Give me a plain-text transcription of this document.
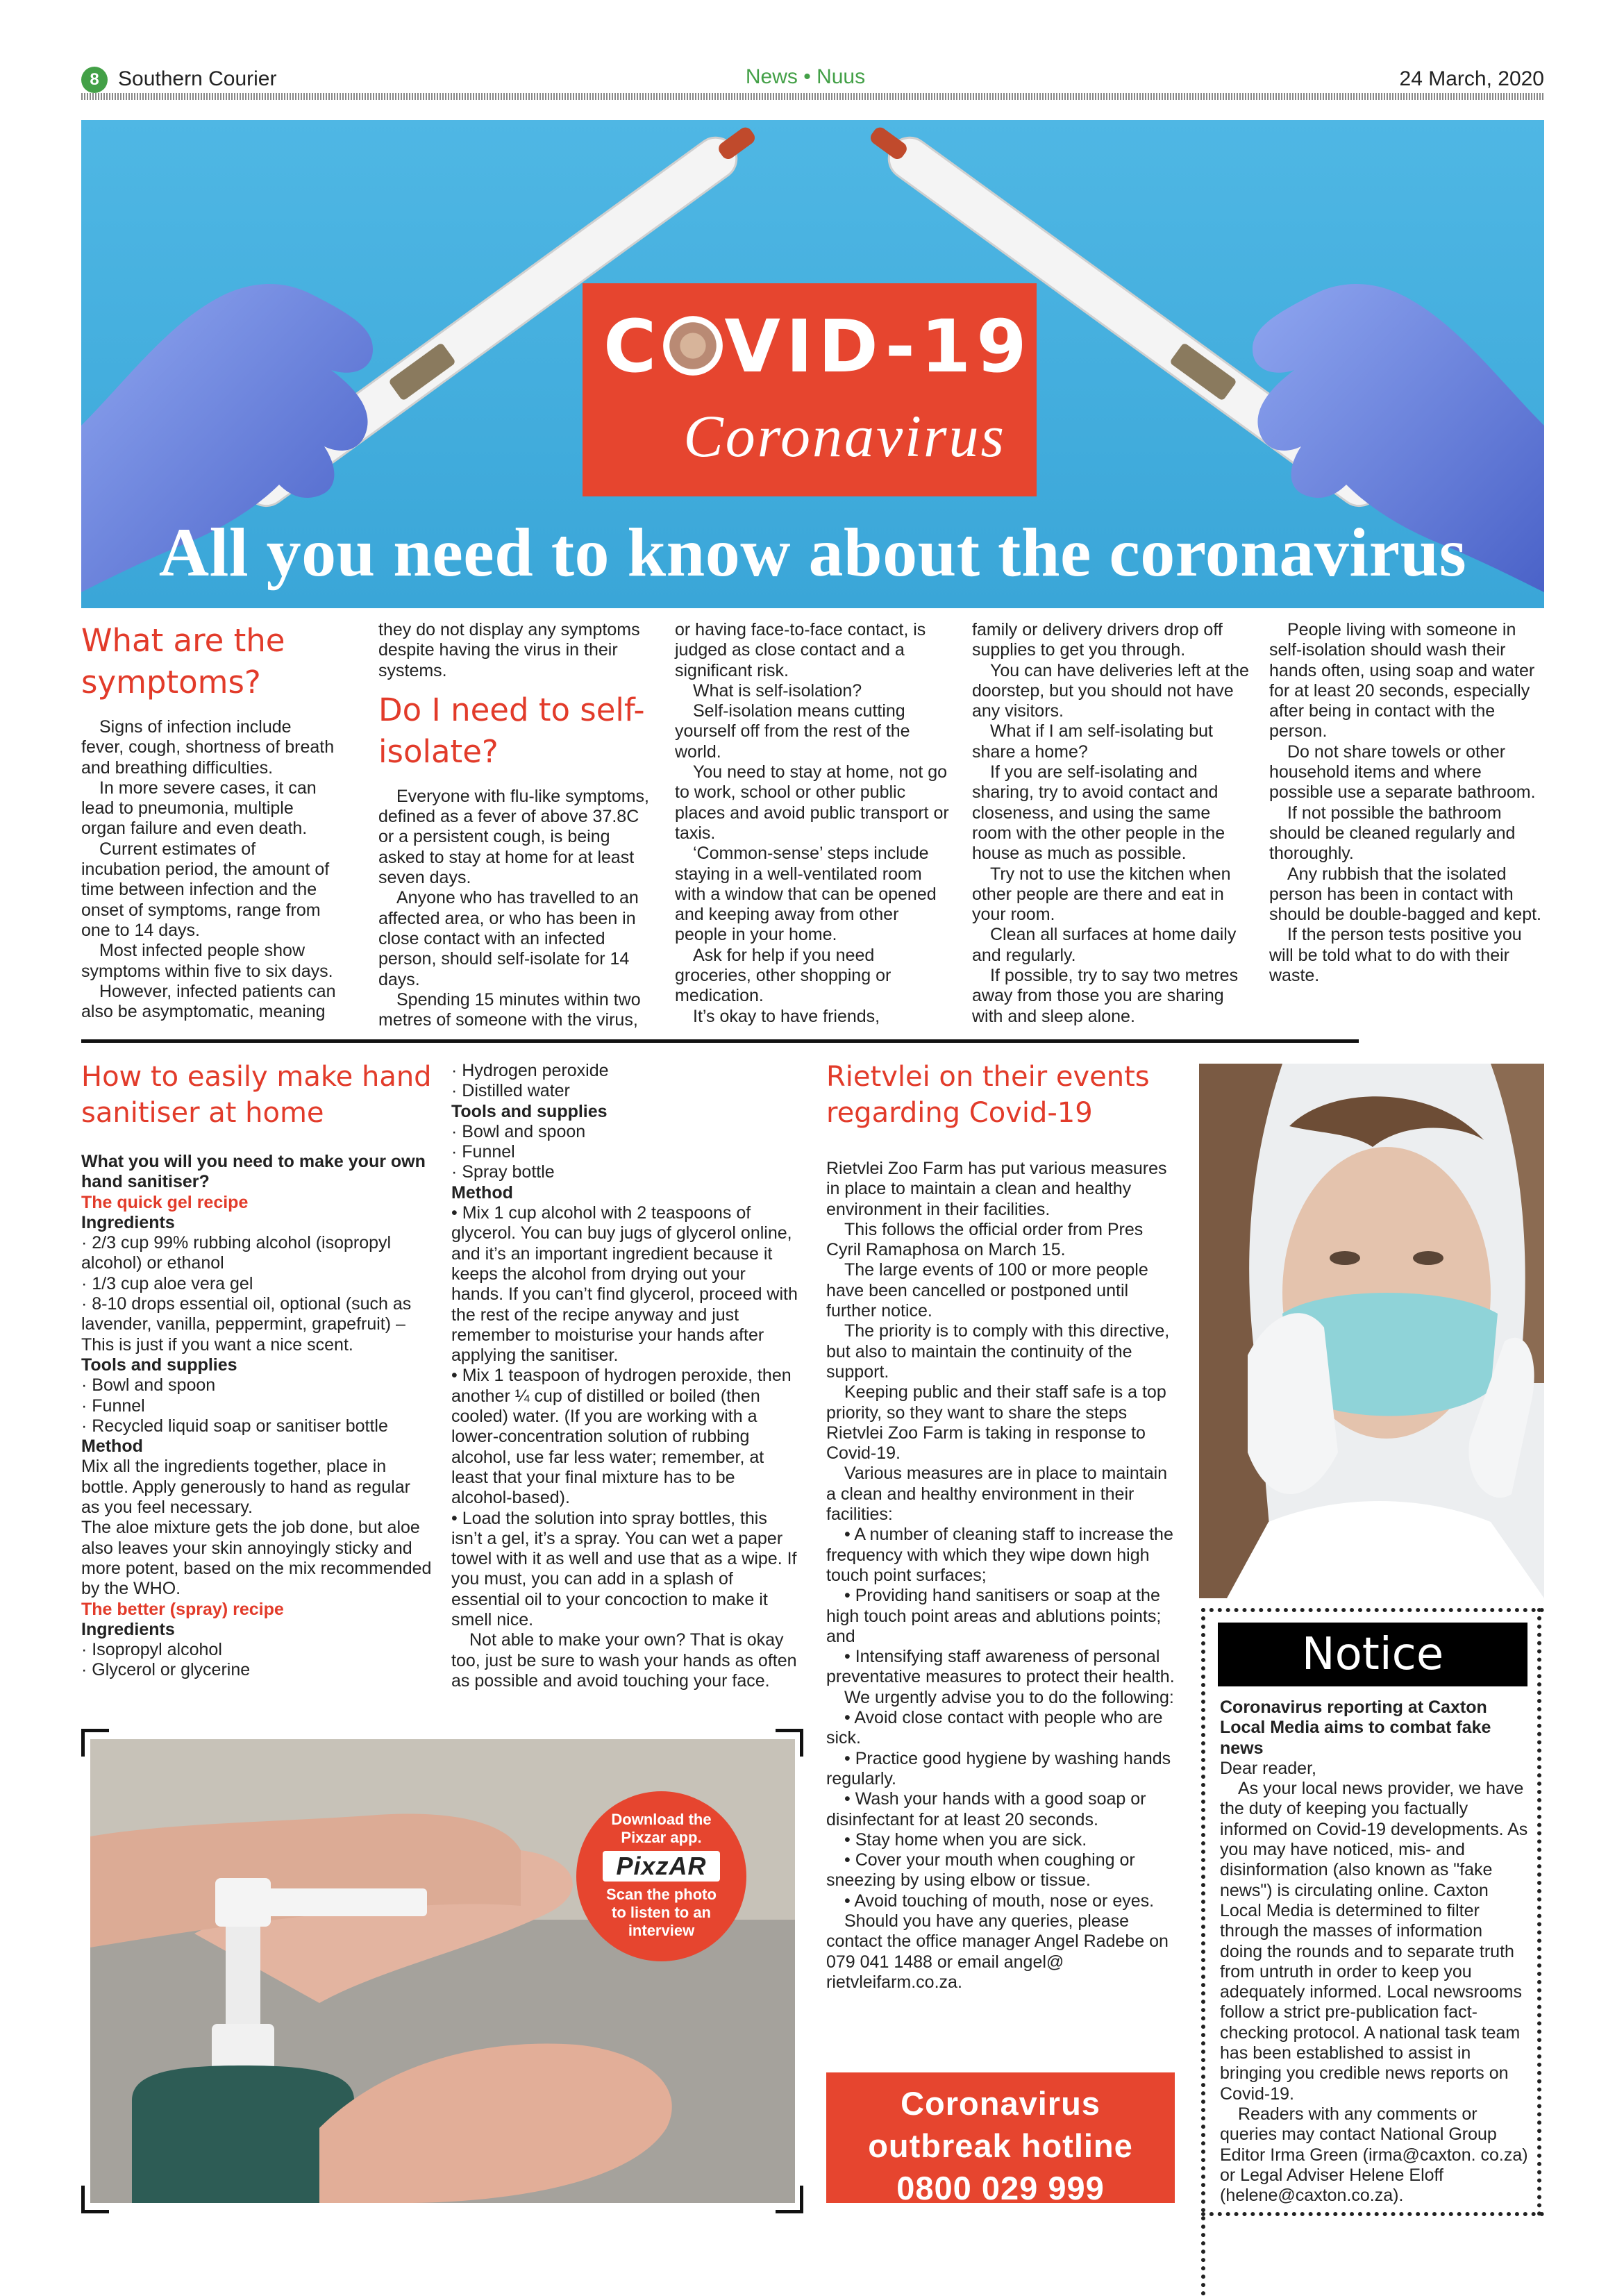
8 Southern Courier	News • Nuus	24 March, 2020
C VID-19
Coronavirus
All you need to know about the coronavirus
What are the symptoms?

Signs of infection include fever, cough, shortness of breath and breathing difficulties.

In more severe cases, it can lead to pneumonia, multiple organ failure and even death.

Current estimates of incubation period, the amount of time between infection and the onset of symptoms, range from one to 14 days.

Most infected people show symptoms within five to six days.

However, infected patients can also be asymptomatic, meaning

they do not display any symptoms despite having the virus in their systems.

Do I need to self-isolate?

Everyone with flu-like symptoms, defined as a fever of above 37.8C or a persistent cough, is being asked to stay at home for at least seven days.

Anyone who has travelled to an affected area, or who has been in close contact with an infected person, should self-isolate for 14 days.

Spending 15 minutes within two metres of someone with the virus,

or having face-to-face contact, is judged as close contact and a significant risk.

What is self-isolation?

Self-isolation means cutting yourself off from the rest of the world.

You need to stay at home, not go to work, school or other public places and avoid public transport or taxis.

‘Common-sense’ steps include staying in a well-ventilated room with a window that can be opened and keeping away from other people in your home.

Ask for help if you need groceries, other shopping or medication.

It’s okay to have friends,

family or delivery drivers drop off supplies to get you through.

You can have deliveries left at the doorstep, but you should not have any visitors.

What if I am self-isolating but share a home?

If you are self-isolating and sharing, try to avoid contact and closeness, and using the same room with the other people in the house as much as possible.

Try not to use the kitchen when other people are there and eat in your room.

Clean all surfaces at home daily and regularly.

If possible, try to say two metres away from those you are sharing with and sleep alone.

People living with someone in self-isolation should wash their hands often, using soap and water for at least 20 seconds, especially after being in contact with the person.

Do not share towels or other household items and where possible use a separate bathroom.

If not possible the bathroom should be cleaned regularly and thoroughly.

Any rubbish that the isolated person has been in contact with should be double-bagged and kept.

If the person tests positive you will be told what to do with their waste.

How to easily make hand sanitiser at home

What you will you need to make your own hand sanitiser?

The quick gel recipe

Ingredients

· 2/3 cup 99% rubbing alcohol (isopropyl alcohol) or ethanol

· 1/3 cup aloe vera gel

· 8-10 drops essential oil, optional (such as lavender, vanilla, peppermint, grapefruit) – This is just if you want a nice scent.

Tools and supplies

· Bowl and spoon

· Funnel

· Recycled liquid soap or sanitiser bottle

Method

Mix all the ingredients together, place in bottle. Apply generously to hand as regular as you feel necessary.

The aloe mixture gets the job done, but aloe also leaves your skin annoyingly sticky and more potent, based on the mix recommended by the WHO.

The better (spray) recipe

Ingredients

· Isopropyl alcohol

· Glycerol or glycerine

· Hydrogen peroxide

· Distilled water

Tools and supplies

· Bowl and spoon

· Funnel

· Spray bottle

Method

• Mix 1 cup alcohol with 2 teaspoons of glycerol. You can buy jugs of glycerol online, and it’s an important ingredient because it keeps the alcohol from drying out your hands. If you can’t find glycerol, proceed with the rest of the recipe anyway and just remember to moisturise your hands after applying the sanitiser.

• Mix 1 teaspoon of hydrogen peroxide, then another ¼ cup of distilled or boiled (then cooled) water. (If you are working with a lower-concentration solution of rubbing alcohol, use far less water; remember, at least that your final mixture has to be alcohol-based).

• Load the solution into spray bottles, this isn’t a gel, it’s a spray. You can wet a paper towel with it as well and use that as a wipe. If you must, you can add in a splash of essential oil to your concoction to make it smell nice.

Not able to make your own? That is okay too, just be sure to wash your hands as often as possible and avoid touching your face.

Download the Pixzar app.
PixzAR
Scan the photo to listen to an interview
Rietvlei on their events regarding Covid-19

Rietvlei Zoo Farm has put various measures in place to maintain a clean and healthy environment in their facilities.

This follows the official order from Pres Cyril Ramaphosa on March 15.

The large events of 100 or more people have been cancelled or postponed until further notice.

The priority is to comply with this directive, but also to maintain the continuity of the support.

Keeping public and their staff safe is a top priority, so they want to share the steps Rietvlei Zoo Farm is taking in response to Covid-19.

Various measures are in place to maintain a clean and healthy environment in their facilities:

• A number of cleaning staff to increase the frequency with which they wipe down high touch point surfaces;

• Providing hand sanitisers or soap at the high touch point areas and ablutions points; and

• Intensifying staff awareness of personal preventative measures to protect their health.

We urgently advise you to do the following:

• Avoid close contact with people who are sick.

• Practice good hygiene by washing hands regularly.

• Wash your hands with a good soap or disinfectant for at least 20 seconds.

• Stay home when you are sick.

• Cover your mouth when coughing or sneezing by using elbow or tissue.

• Avoid touching of mouth, nose or eyes.

Should you have any queries, please contact the office manager Angel Radebe on 079 041 1488 or email angel@ rietvleifarm.co.za.

Coronavirus
outbreak hotline
0800 029 999
Notice

Coronavirus reporting at Caxton Local Media aims to combat fake news

Dear reader,

As your local news provider, we have the duty of keeping you factually informed on Covid-19 developments. As you may have noticed, mis- and disinformation (also known as "fake news") is circulating online. Caxton Local Media is determined to filter through the masses of information doing the rounds and to separate truth from untruth in order to keep you adequately informed. Local newsrooms follow a strict pre-publication fact-checking protocol. A national task team has been established to assist in bringing you credible news reports on Covid-19.

Readers with any comments or queries may contact National Group Editor Irma Green (irma@caxton. co.za) or Legal Adviser Helene Eloff (helene@caxton.co.za).
